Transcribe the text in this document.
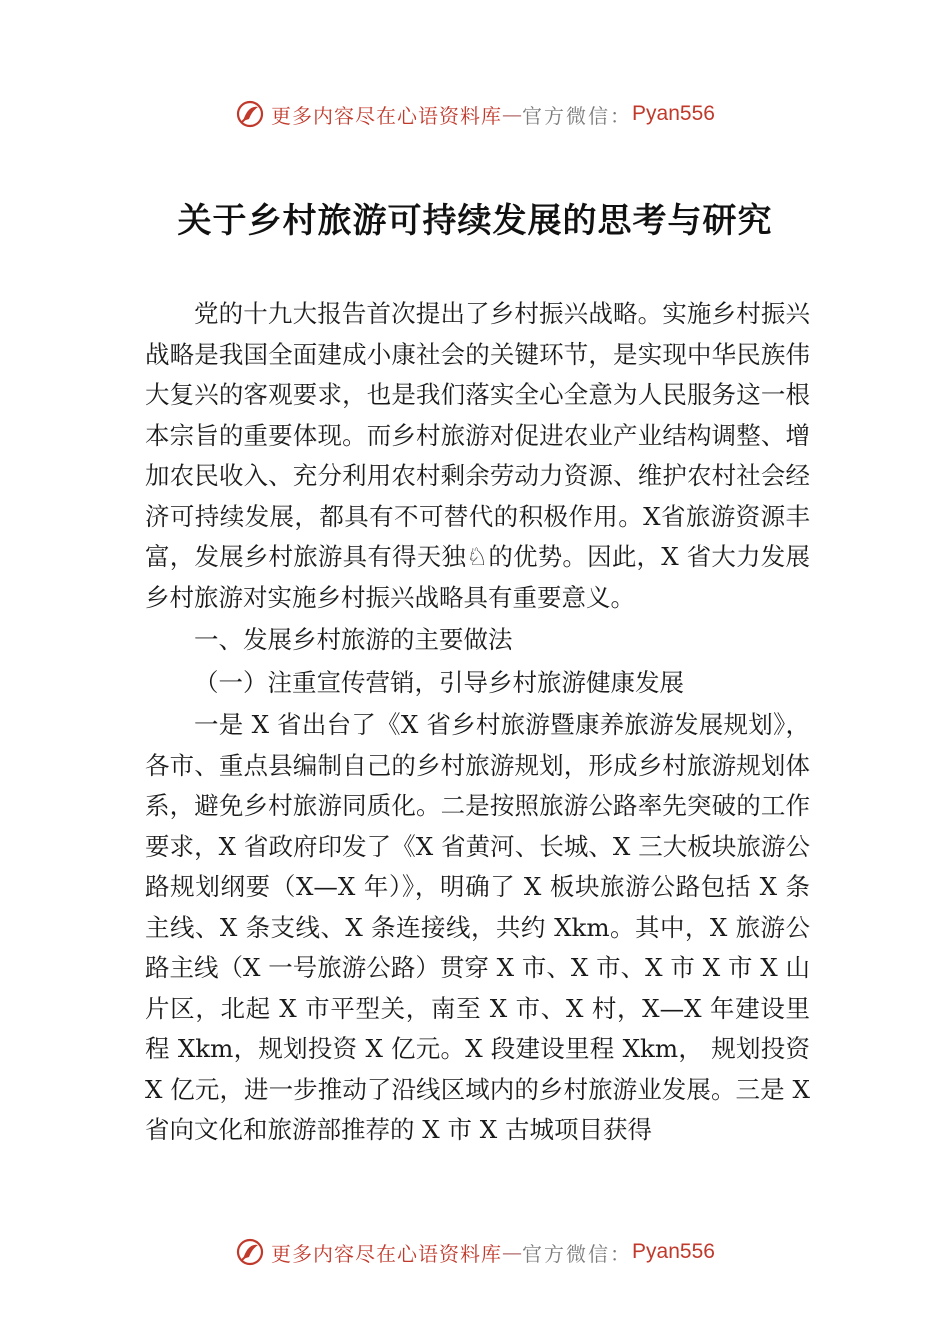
更多内容尽在心语资料库 — 官方微信： Pyan556
关于乡村旅游可持续发展的思考与研究

党的十九大报告首次提出了乡村振兴战略。实施乡村振兴战略是我国全面建成小康社会的关键环节，是实现中华民族伟大复兴的客观要求，也是我们落实全心全意为人民服务这一根本宗旨的重要体现。而乡村旅游对促进农业产业结构调整、增加农民收入、充分利用农村剩余劳动力资源、维护农村社会经济可持续发展，都具有不可替代的积极作用。X省旅游资源丰富，发展乡村旅游具有得天独♘的优势。因此，X 省大力发展乡村旅游对实施乡村振兴战略具有重要意义。

一、发展乡村旅游的主要做法

（一）注重宣传营销，引导乡村旅游健康发展

一是 X 省出台了《X 省乡村旅游暨康养旅游发展规划》，各市、重点县编制自己的乡村旅游规划，形成乡村旅游规划体系，避免乡村旅游同质化。二是按照旅游公路率先突破的工作要求，X 省政府印发了《X 省黄河、长城、X 三大板块旅游公路规划纲要（X—X 年）》，明确了 X 板块旅游公路包括 X 条主线、X 条支线、X 条连接线，共约 Xkm。其中，X 旅游公路主线（X 一号旅游公路）贯穿 X 市、X 市、X 市 X 市 X 山片区，北起 X 市平型关，南至 X 市、X 村，X—X 年建设里程 Xkm，规划投资 X 亿元。X 段建设里程 Xkm， 规划投资 X 亿元，进一步推动了沿线区域内的乡村旅游业发展。三是 X 省向文化和旅游部推荐的 X 市 X 古城项目获得

更多内容尽在心语资料库 — 官方微信： Pyan556
